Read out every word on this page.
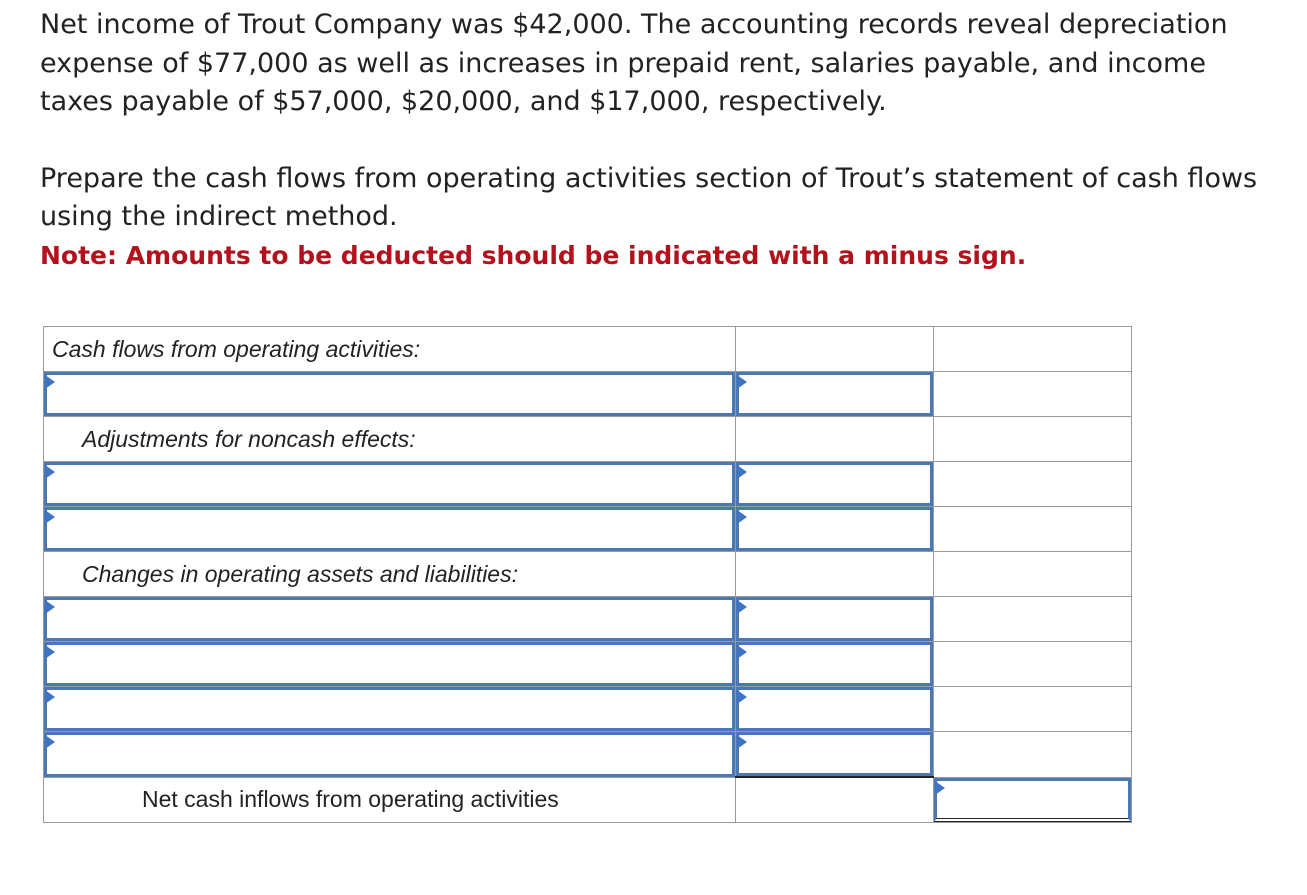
Net income of Trout Company was $42,000. The accounting records reveal depreciation expense of $77,000 as well as increases in prepaid rent, salaries payable, and income taxes payable of $57,000, $20,000, and $17,000, respectively.

Prepare the cash flows from operating activities section of Trout’s statement of cash flows using the indirect method.

Note: Amounts to be deducted should be indicated with a minus sign.

Cash flows from operating activities:		

Adjustments for noncash effects:		

Changes in operating assets and liabilities:		

Net cash inflows from operating activities		
